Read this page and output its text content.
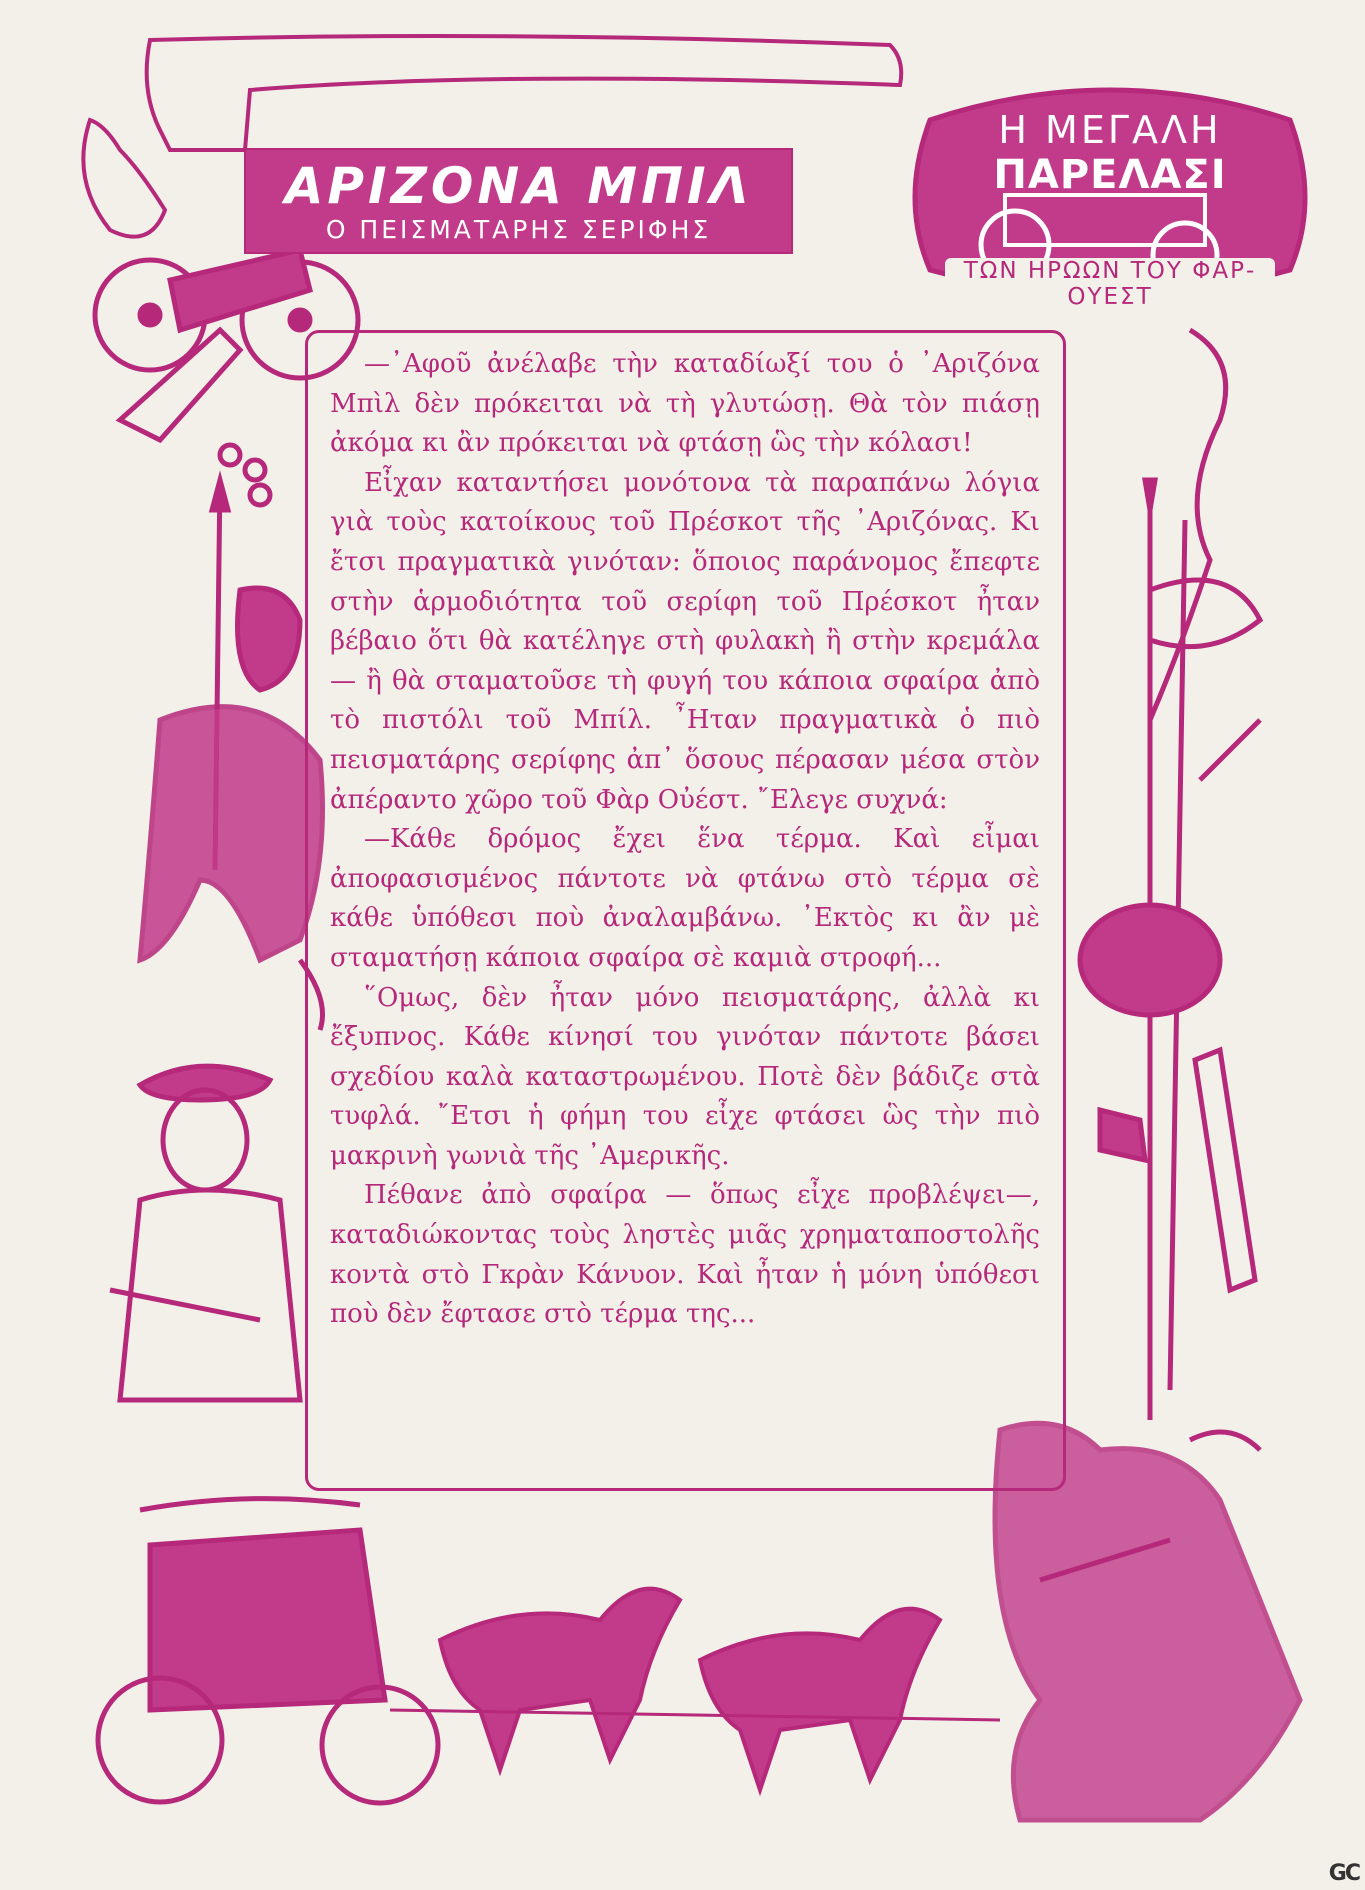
ΑΡΙΖΟΝΑ ΜΠΙΛ
Ο ΠΕΙΣΜΑΤΑΡΗΣ ΣΕΡΙΦΗΣ
Η ΜΕΓΑΛΗ
ΠΑΡΕΛΑΣΙ
ΤΩΝ ΗΡΩΩΝ ΤΟΥ ΦΑΡ-ΟΥΕΣΤ

—᾿Αφοῦ ἀνέλαβε τὴν καταδίωξί του ὁ ᾿Αριζόνα Μπὶλ δὲν πρόκειται νὰ τὴ γλυτώσῃ. Θὰ τὸν πιάσῃ ἀκόμα κι ἂν πρόκειται νὰ φτάσῃ ὣς τὴν κόλασι!

Εἶχαν καταντήσει μονότονα τὰ παραπάνω λόγια γιὰ τοὺς κατοίκους τοῦ Πρέσκοτ τῆς ᾿Αριζόνας. Κι ἔτσι πραγματικὰ γινόταν: ὅποιος παράνομος ἔπεφτε στὴν ἁρμοδιότητα τοῦ σερίφη τοῦ Πρέσκοτ ἦταν βέβαιο ὅτι θὰ κατέληγε στὴ φυλακὴ ἢ στὴν κρεμάλα — ἢ θὰ σταματοῦσε τὴ φυγή του κάποια σφαίρα ἀπὸ τὸ πιστόλι τοῦ Μπίλ. ῏Ηταν πραγματικὰ ὁ πιὸ πεισματάρης σερίφης ἀπ᾿ ὅσους πέρασαν μέσα στὸν ἀπέραντο χῶρο τοῦ Φὰρ Οὐέστ. ῎Ελεγε συχνά:

—Κάθε δρόμος ἔχει ἕνα τέρμα. Καὶ εἶμαι ἀποφασισμένος πάντοτε νὰ φτάνω στὸ τέρμα σὲ κάθε ὑπόθεσι ποὺ ἀναλαμβάνω. ᾿Εκτὸς κι ἂν μὲ σταματήσῃ κάποια σφαίρα σὲ καμιὰ στροφή...

῞Ομως, δὲν ἦταν μόνο πεισματάρης, ἀλλὰ κι ἔξυπνος. Κάθε κίνησί του γινόταν πάντοτε βάσει σχεδίου καλὰ καταστρωμένου. Ποτὲ δὲν βάδιζε στὰ τυφλά. ῎Ετσι ἡ φήμη του εἶχε φτάσει ὣς τὴν πιὸ μακρινὴ γωνιὰ τῆς ᾿Αμερικῆς.

Πέθανε ἀπὸ σφαίρα — ὅπως εἶχε προβλέψει—, καταδιώκοντας τοὺς ληστὲς μιᾶς χρηματαποστολῆς κοντὰ στὸ Γκρὰν Κάνυον. Καὶ ἦταν ἡ μόνη ὑπόθεσι ποὺ δὲν ἔφτασε στὸ τέρμα της...

GC
